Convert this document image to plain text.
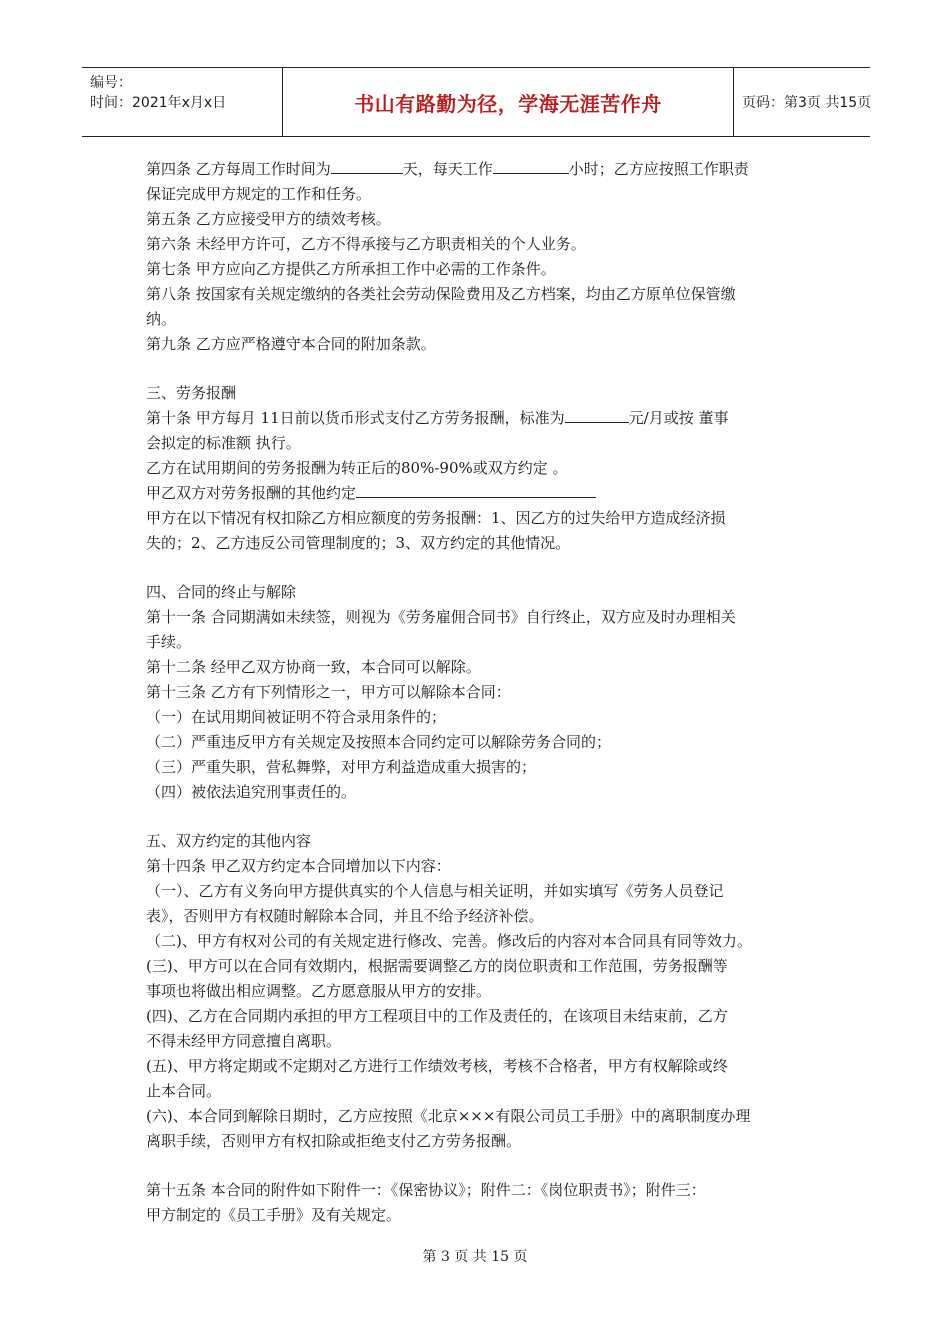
编号：
时间：2021年x月x日	书山有路勤为径，学海无涯苦作舟	页码：第3页 共15页
第四条 乙方每周工作时间为	天，每天工作	小时；乙方应按照工作职责
保证完成甲方规定的工作和任务。
第五条 乙方应接受甲方的绩效考核。
第六条 未经甲方许可，乙方不得承接与乙方职责相关的个人业务。
第七条 甲方应向乙方提供乙方所承担工作中必需的工作条件。
第八条 按国家有关规定缴纳的各类社会劳动保险费用及乙方档案，均由乙方原单位保管缴
纳。
第九条 乙方应严格遵守本合同的附加条款。
三、劳务报酬
第十条 甲方每月 11日前以货币形式支付乙方劳务报酬，标准为	元/月或按 董事
会拟定的标准额 执行。
乙方在试用期间的劳务报酬为转正后的80%-90%或双方约定 。
甲乙双方对劳务报酬的其他约定
甲方在以下情况有权扣除乙方相应额度的劳务报酬：1、因乙方的过失给甲方造成经济损
失的；2、乙方违反公司管理制度的；3、双方约定的其他情况。
四、合同的终止与解除
第十一条 合同期满如未续签，则视为《劳务雇佣合同书》自行终止，双方应及时办理相关
手续。
第十二条 经甲乙双方协商一致，本合同可以解除。
第十三条 乙方有下列情形之一，甲方可以解除本合同：
（一）在试用期间被证明不符合录用条件的；
（二）严重违反甲方有关规定及按照本合同约定可以解除劳务合同的；
（三）严重失职，营私舞弊，对甲方利益造成重大损害的；
（四）被依法追究刑事责任的。
五、双方约定的其他内容
第十四条 甲乙双方约定本合同增加以下内容：
（一）、乙方有义务向甲方提供真实的个人信息与相关证明，并如实填写《劳务人员登记
表》，否则甲方有权随时解除本合同，并且不给予经济补偿。
（二)、甲方有权对公司的有关规定进行修改、完善。修改后的内容对本合同具有同等效力。
(三)、甲方可以在合同有效期内，根据需要调整乙方的岗位职责和工作范围，劳务报酬等
事项也将做出相应调整。乙方愿意服从甲方的安排。
(四)、乙方在合同期内承担的甲方工程项目中的工作及责任的，在该项目未结束前，乙方
不得未经甲方同意擅自离职。
(五)、甲方将定期或不定期对乙方进行工作绩效考核，考核不合格者，甲方有权解除或终
止本合同。
(六)、本合同到解除日期时，乙方应按照《北京×××有限公司员工手册》中的离职制度办理
离职手续，否则甲方有权扣除或拒绝支付乙方劳务报酬。
第十五条 本合同的附件如下附件一：《保密协议》；附件二：《岗位职责书》；附件三：
甲方制定的《员工手册》及有关规定。
第 3 页 共 15 页
